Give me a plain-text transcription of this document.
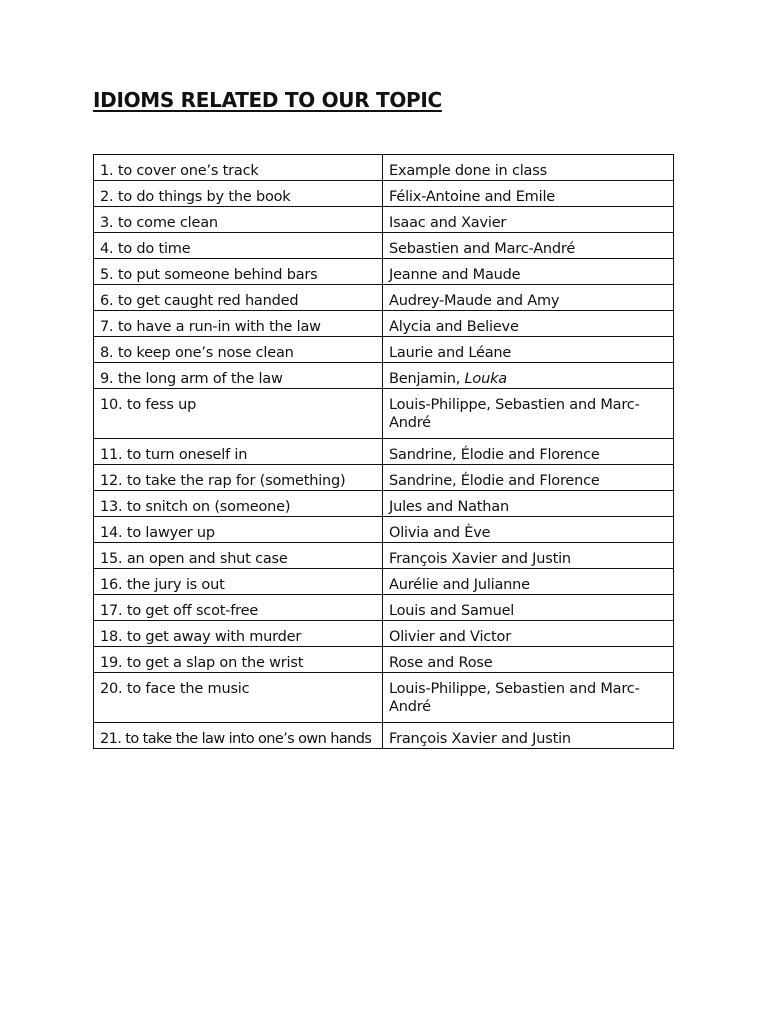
IDIOMS RELATED TO OUR TOPIC
1. to cover one’s track	Example done in class
2. to do things by the book	Félix-Antoine and Emile
3. to come clean	Isaac and Xavier
4. to do time	Sebastien and Marc-André
5. to put someone behind bars	Jeanne and Maude
6. to get caught red handed	Audrey-Maude and Amy
7. to have a run-in with the law	Alycia and Believe
8. to keep one’s nose clean	Laurie and Léane
9. the long arm of the law	Benjamin, Louka
10. to fess up	Louis-Philippe, Sebastien and Marc-André
11. to turn oneself in	Sandrine, Élodie and Florence
12. to take the rap for (something)	Sandrine, Élodie and Florence
13. to snitch on (someone)	Jules and Nathan
14. to lawyer up	Olivia and Ève
15. an open and shut case	François Xavier and Justin
16. the jury is out	Aurélie and Julianne
17. to get off scot-free	Louis and Samuel
18. to get away with murder	Olivier and Victor
19. to get a slap on the wrist	Rose and Rose
20. to face the music	Louis-Philippe, Sebastien and Marc-André
21. to take the law into one’s own hands	François Xavier and Justin
